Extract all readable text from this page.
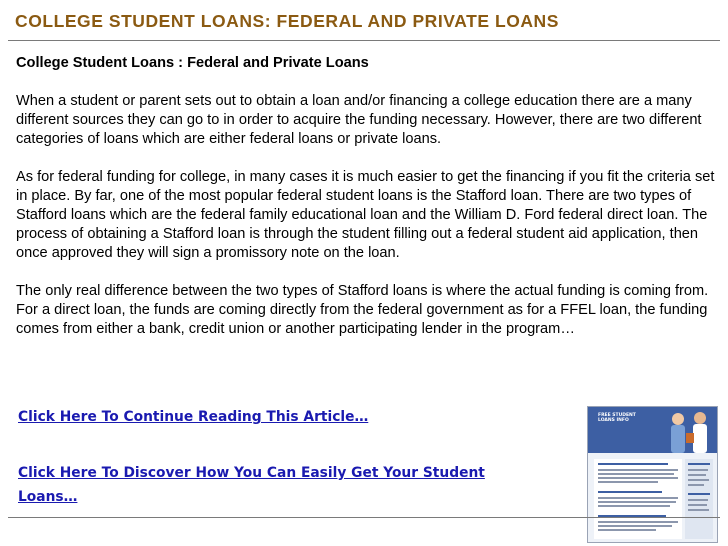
COLLEGE STUDENT LOANS: FEDERAL AND PRIVATE LOANS

College Student Loans : Federal and Private Loans

When a student or parent sets out to obtain a loan and/or financing a college education there are a many different sources they can go to in order to acquire the funding necessary. However, there are two different categories of loans which are either federal loans or private loans.

As for federal funding for college, in many cases it is much easier to get the financing if you fit the criteria set in place. By far, one of the most popular federal student loans is the Stafford loan. There are two types of Stafford loans which are the federal family educational loan and the William D. Ford federal direct loan. The process of obtaining a Stafford loan is through the student filling out a federal student aid application, then once approved they will sign a promissory note on the loan.

The only real difference between the two types of Stafford loans is where the actual funding is coming from. For a direct loan, the funds are coming directly from the federal government as for a FFEL loan, the funding comes from either a bank, credit union or another participating lender in the program…

Click Here To Continue Reading This Article…
Click Here To Discover How You Can Easily Get Your Student Loans…
FREE STUDENT LOANS INFO
